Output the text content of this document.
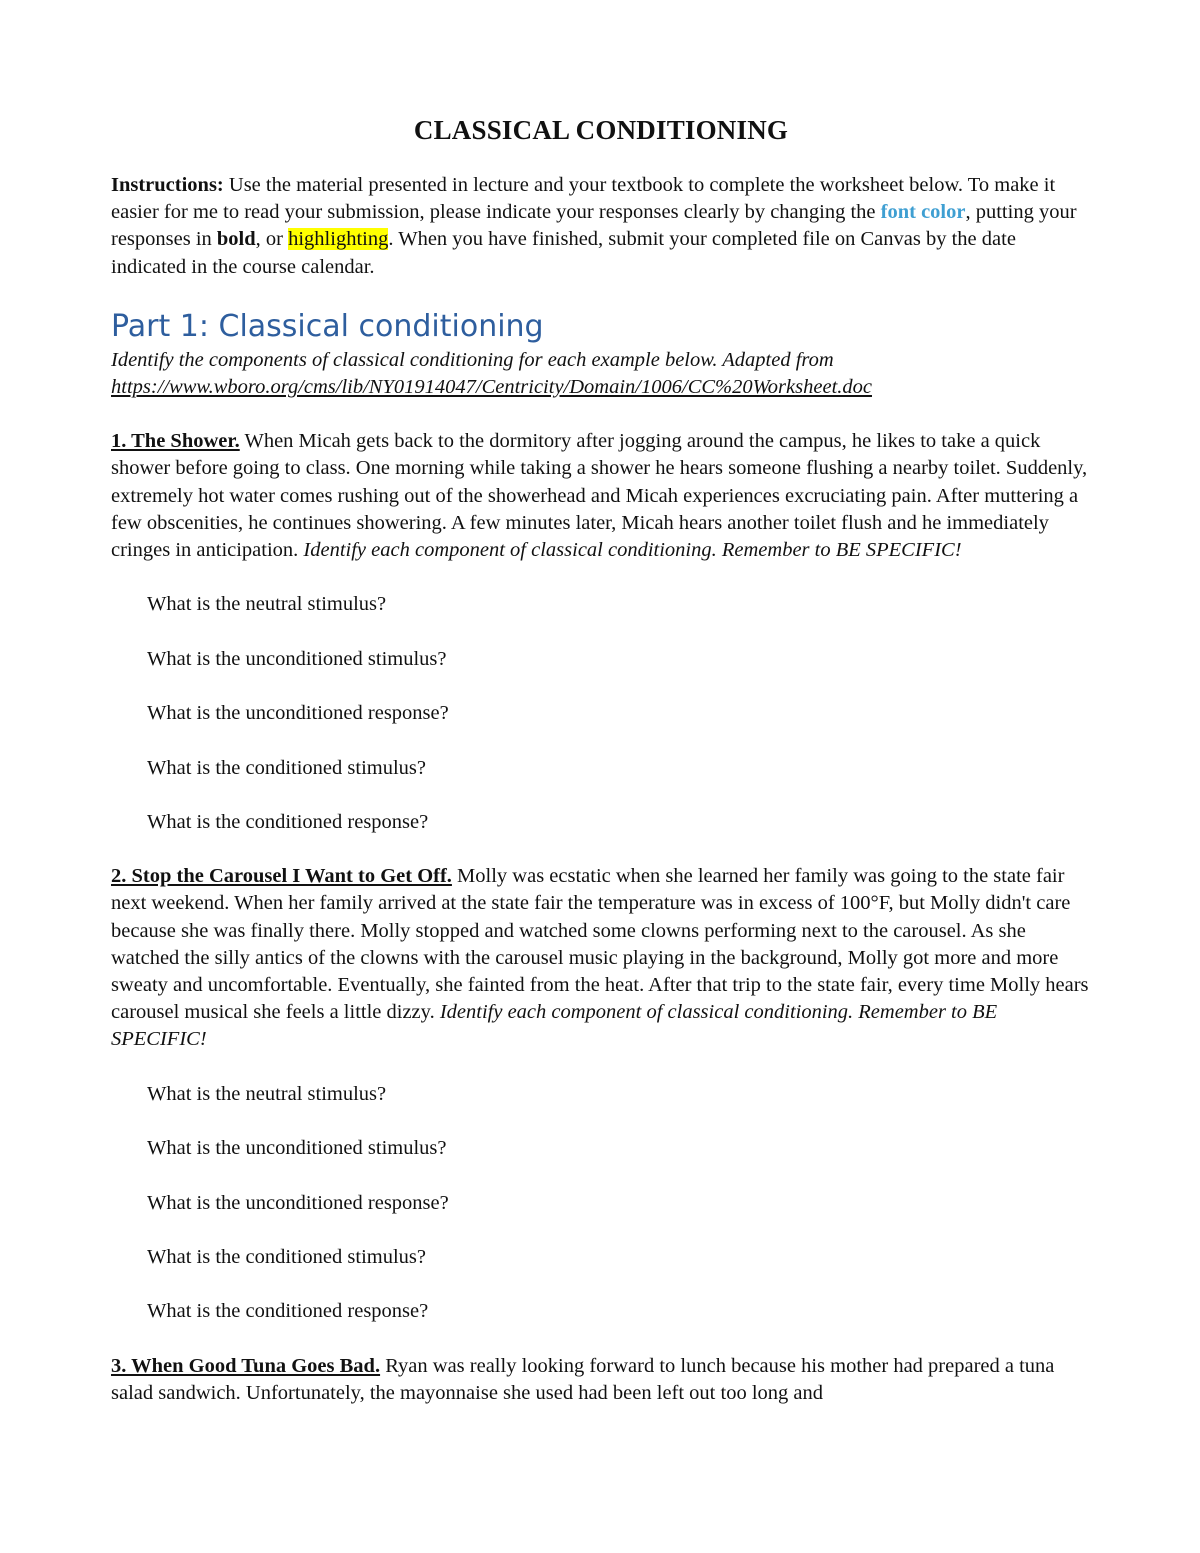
CLASSICAL CONDITIONING

Instructions: Use the material presented in lecture and your textbook to complete the worksheet below. To make it easier for me to read your submission, please indicate your responses clearly by changing the font color, putting your responses in bold, or highlighting. When you have finished, submit your completed file on Canvas by the date indicated in the course calendar.

Part 1: Classical conditioning
Identify the components of classical conditioning for each example below. Adapted from
https://www.wboro.org/cms/lib/NY01914047/Centricity/Domain/1006/CC%20Worksheet.doc
1. The Shower. When Micah gets back to the dormitory after jogging around the campus, he likes to take a quick shower before going to class. One morning while taking a shower he hears someone flushing a nearby toilet. Suddenly, extremely hot water comes rushing out of the showerhead and Micah experiences excruciating pain. After muttering a few obscenities, he continues showering. A few minutes later, Micah hears another toilet flush and he immediately cringes in anticipation. Identify each component of classical conditioning. Remember to BE SPECIFIC!
What is the neutral stimulus?
What is the unconditioned stimulus?
What is the unconditioned response?
What is the conditioned stimulus?
What is the conditioned response?
2. Stop the Carousel I Want to Get Off. Molly was ecstatic when she learned her family was going to the state fair next weekend. When her family arrived at the state fair the temperature was in excess of 100°F, but Molly didn't care because she was finally there. Molly stopped and watched some clowns performing next to the carousel. As she watched the silly antics of the clowns with the carousel music playing in the background, Molly got more and more sweaty and uncomfortable. Eventually, she fainted from the heat. After that trip to the state fair, every time Molly hears carousel musical she feels a little dizzy. Identify each component of classical conditioning. Remember to BE SPECIFIC!
What is the neutral stimulus?
What is the unconditioned stimulus?
What is the unconditioned response?
What is the conditioned stimulus?
What is the conditioned response?
3. When Good Tuna Goes Bad. Ryan was really looking forward to lunch because his mother had prepared a tuna salad sandwich. Unfortunately, the mayonnaise she used had been left out too long and
